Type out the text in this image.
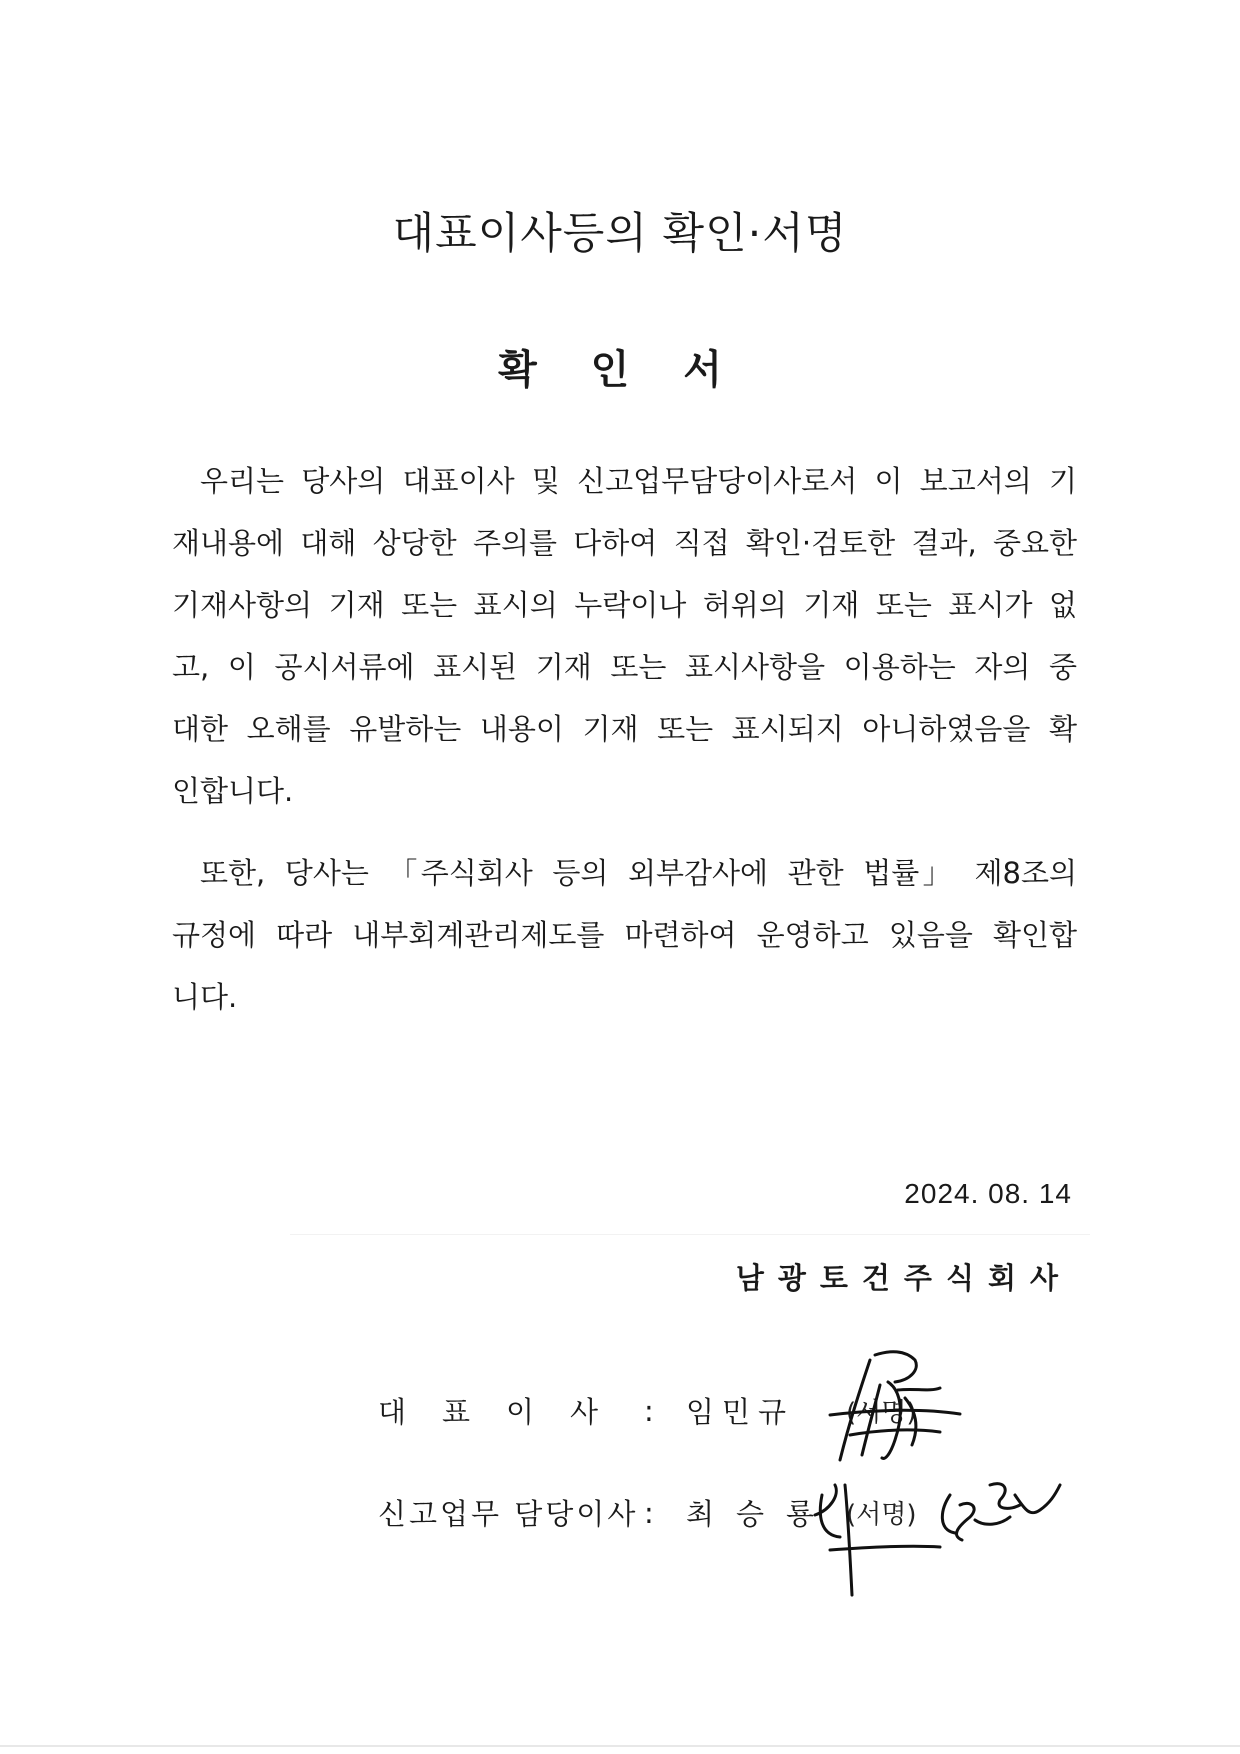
대표이사등의 확인·서명
확 인 서

우리는 당사의 대표이사 및 신고업무담당이사로서 이 보고서의 기재내용에 대해 상당한 주의를 다하여 직접 확인·검토한 결과, 중요한 기재사항의 기재 또는 표시의 누락이나 허위의 기재 또는 표시가 없고, 이 공시서류에 표시된 기재 또는 표시사항을 이용하는 자의 중대한 오해를 유발하는 내용이 기재 또는 표시되지 아니하였음을 확인합니다.

또한, 당사는 「주식회사 등의 외부감사에 관한 법률」 제8조의 규정에 따라 내부회계관리제도를 마련하여 운영하고 있음을 확인합니다.

2024. 08. 14
남광토건주식회사
대표이사 :	임민규	(서명)
신고업무 담당이사 :	최승룡 (서명)
